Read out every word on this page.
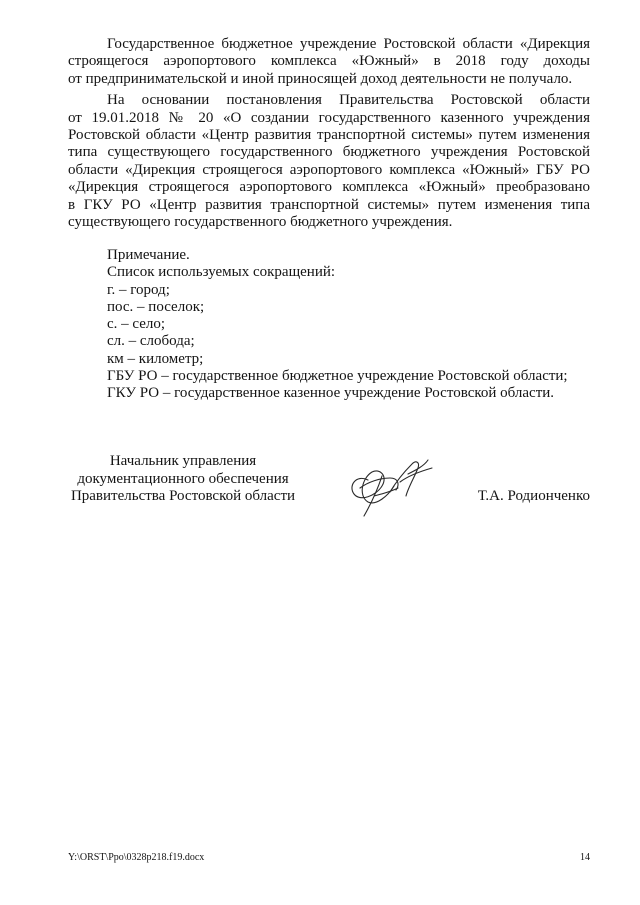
Государственное бюджетное учреждение Ростовской области «Дирекция
строящегося аэропортового комплекса «Южный» в 2018 году доходы
от предпринимательской и иной приносящей доход деятельности не получало.
На основании постановления Правительства Ростовской области
от 19.01.2018 № 20 «О создании государственного казенного учреждения
Ростовской области «Центр развития транспортной системы» путем изменения
типа существующего государственного бюджетного учреждения Ростовской
области «Дирекция строящегося аэропортового комплекса «Южный» ГБУ РО
«Дирекция строящегося аэропортового комплекса «Южный» преобразовано
в ГКУ РО «Центр развития транспортной системы» путем изменения типа
существующего государственного бюджетного учреждения.
Примечание.
Список используемых сокращений:
г. – город;
пос. – поселок;
с. – село;
сл. – слобода;
км – километр;
ГБУ РО – государственное бюджетное учреждение Ростовской области;
ГКУ РО – государственное казенное учреждение Ростовской области.
Начальник управления
документационного обеспечения
Правительства Ростовской области	Т.А. Родионченко
Y:\ORST\Ppo\0328p218.f19.docx	14
